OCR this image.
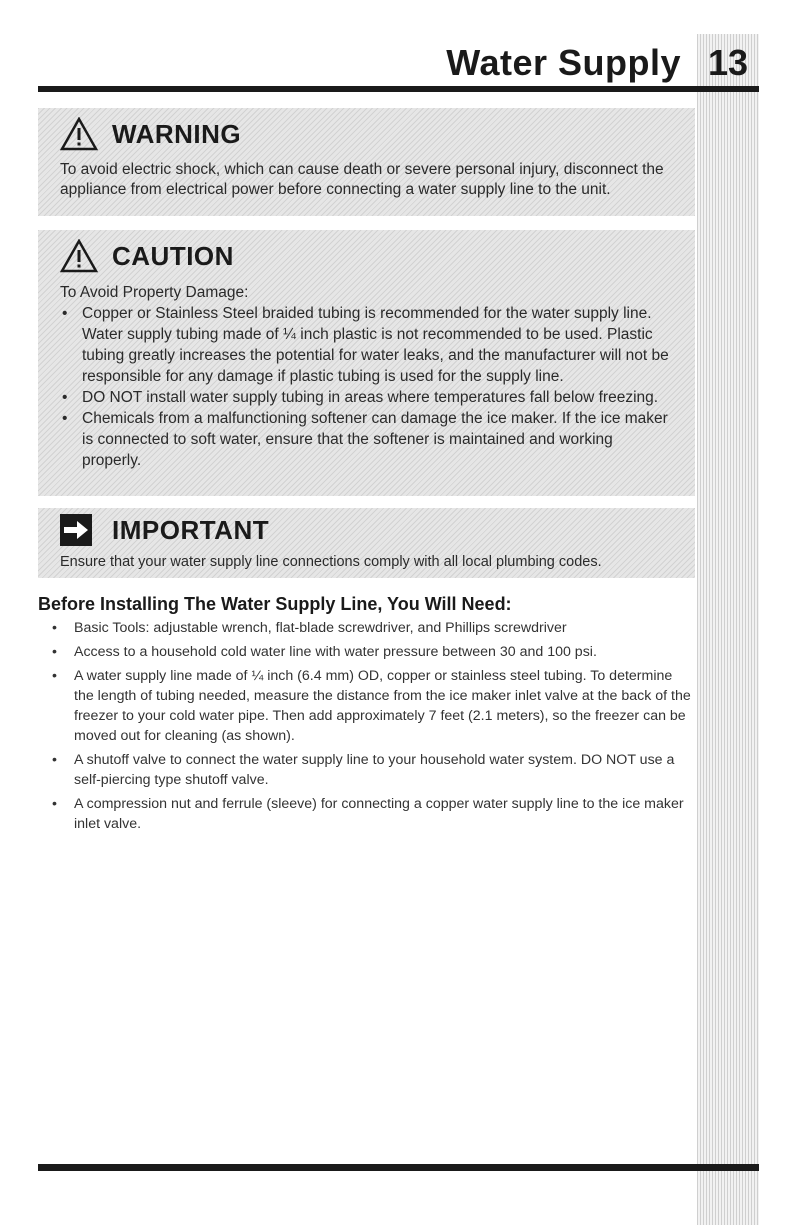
Water Supply 13
WARNING

To avoid electric shock, which can cause death or severe personal injury, disconnect the appliance from electrical power before connecting a water supply line to the unit.

CAUTION

To Avoid Property Damage:

• Copper or Stainless Steel braided tubing is recommended for the water supply line. Water supply tubing made of ¼ inch plastic is not recommended to be used. Plastic tubing greatly increases the potential for water leaks, and the manufacturer will not be responsible for any damage if plastic tubing is used for the supply line.
• DO NOT install water supply tubing in areas where temperatures fall below freezing.
• Chemicals from a malfunctioning softener can damage the ice maker. If the ice maker is connected to soft water, ensure that the softener is maintained and working properly.
IMPORTANT

Ensure that your water supply line connections comply with all local plumbing codes.

Before Installing The Water Supply Line, You Will Need:
• Basic Tools: adjustable wrench, flat-blade screwdriver, and Phillips screwdriver
• Access to a household cold water line with water pressure between 30 and 100 psi.
• A water supply line made of ¼ inch (6.4 mm) OD, copper or stainless steel tubing. To determine the length of tubing needed, measure the distance from the ice maker inlet valve at the back of the freezer to your cold water pipe. Then add approximately 7 feet (2.1 meters), so the freezer can be moved out for cleaning (as shown).
• A shutoff valve to connect the water supply line to your household water system. DO NOT use a self-piercing type shutoff valve.
• A compression nut and ferrule (sleeve) for connecting a copper water supply line to the ice maker inlet valve.
